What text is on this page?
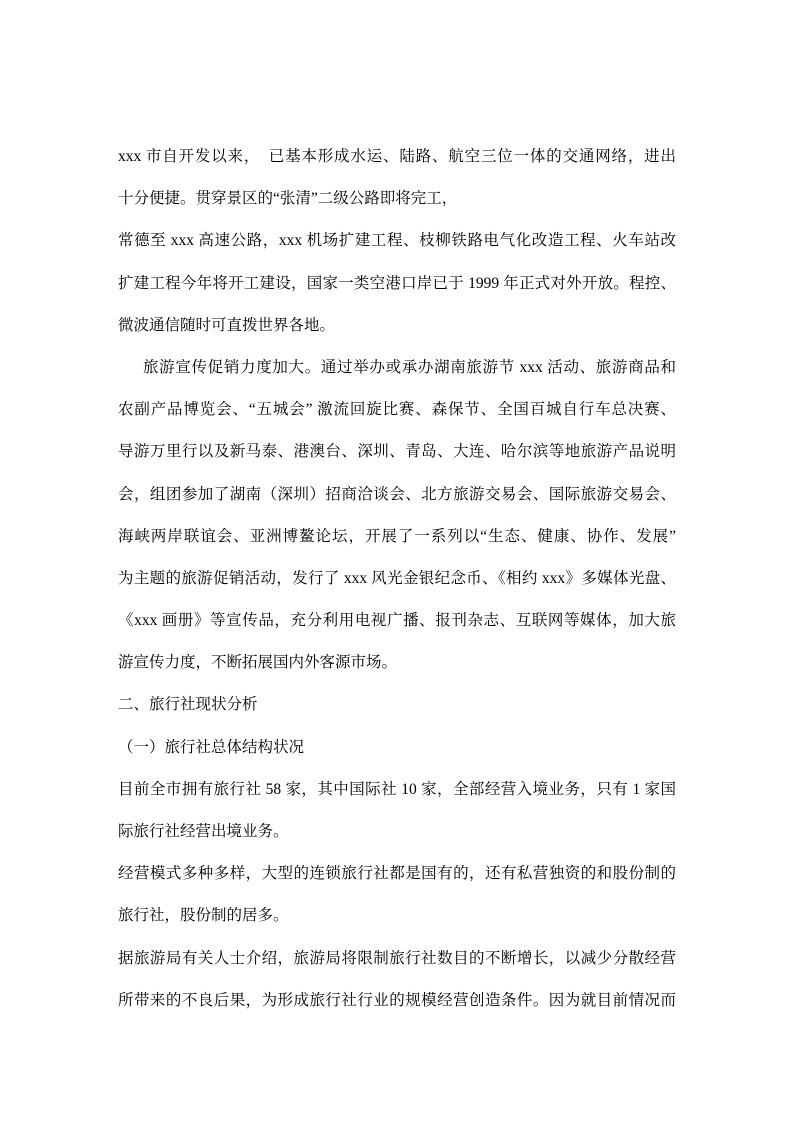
xxx 市自开发以来，　已基本形成水运、陆路、航空三位一体的交通网络，进出
十分便捷。贯穿景区的“张清”二级公路即将完工，
常德至 xxx 高速公路，xxx 机场扩建工程、枝柳铁路电气化改造工程、火车站改
扩建工程今年将开工建设，国家一类空港口岸已于 1999 年正式对外开放。程控、
微波通信随时可直拨世界各地。
旅游宣传促销力度加大。通过举办或承办湖南旅游节 xxx 活动、旅游商品和
农副产品博览会、“五城会” 激流回旋比赛、森保节、全国百城自行车总决赛、
导游万里行以及新马泰、港澳台、深圳、青岛、大连、哈尔滨等地旅游产品说明
会，组团参加了湖南（深圳）招商洽谈会、北方旅游交易会、国际旅游交易会、
海峡两岸联谊会、亚洲博鳌论坛，开展了一系列以“生态、健康、协作、发展”
为主题的旅游促销活动，发行了 xxx 风光金银纪念币、《相约 xxx》多媒体光盘、
《xxx 画册》等宣传品，充分利用电视广播、报刊杂志、互联网等媒体，加大旅
游宣传力度，不断拓展国内外客源市场。
二、旅行社现状分析
（一）旅行社总体结构状况
目前全市拥有旅行社 58 家，其中国际社 10 家，全部经营入境业务，只有 1 家国
际旅行社经营出境业务。
经营模式多种多样，大型的连锁旅行社都是国有的，还有私营独资的和股份制的
旅行社，股份制的居多。
据旅游局有关人士介绍，旅游局将限制旅行社数目的不断增长，以减少分散经营
所带来的不良后果，为形成旅行社行业的规模经营创造条件。因为就目前情况而
